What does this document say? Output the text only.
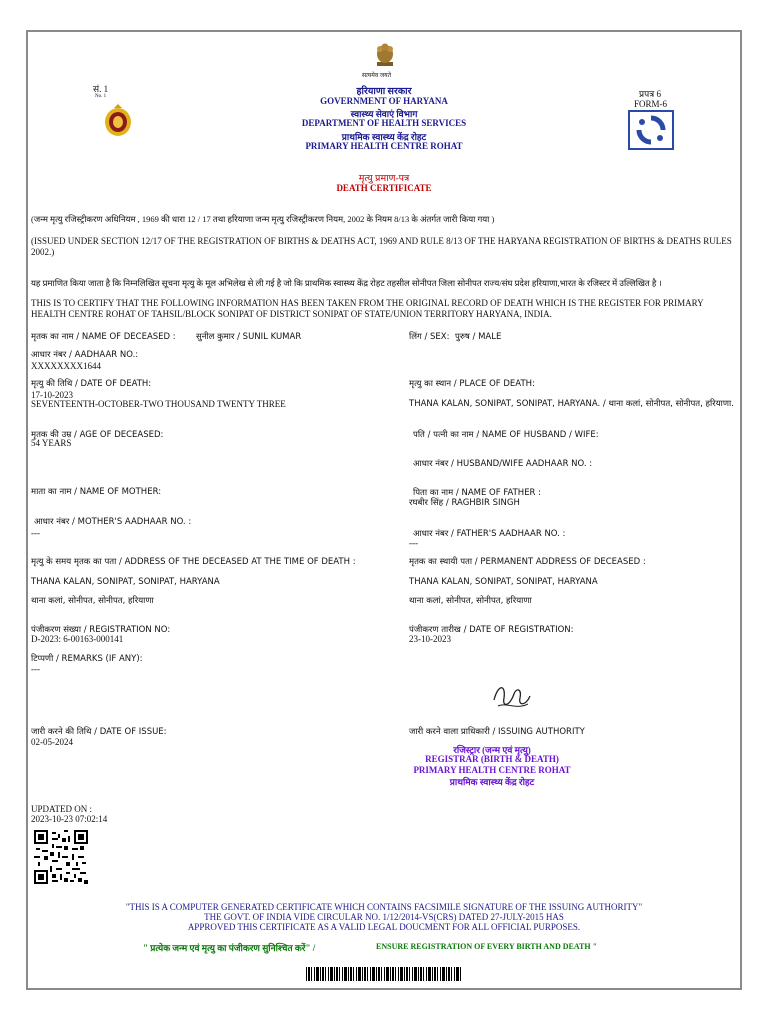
सत्यमेव जयते
सं. 1
No. 1	हरियाणा सरकार
GOVERNMENT OF HARYANA
स्वास्थ्य सेवाएं विभाग
DEPARTMENT OF HEALTH SERVICES
प्राथमिक स्वास्थ्य केंद्र रोहट
PRIMARY HEALTH CENTRE ROHAT
प्रपत्र 6
FORM-6
मृत्यु प्रमाण-पत्र
DEATH CERTIFICATE
(जन्म मृत्यु रजिस्ट्रीकरण अधिनियम , 1969 की धारा 12 / 17 तथा हरियाणा जन्म मृत्यु रजिस्ट्रीकरण नियम, 2002 के नियम 8/13 के अंतर्गत जारी किया गया )
(ISSUED UNDER SECTION 12/17 OF THE REGISTRATION OF BIRTHS & DEATHS ACT, 1969 AND RULE 8/13 OF THE HARYANA REGISTRATION OF BIRTHS & DEATHS RULES 2002.)
यह प्रमाणित किया जाता है कि निम्नलिखित सूचना मृत्यु के मूल अभिलेख से ली गई है जो कि प्राथमिक स्वास्थ्य केंद्र रोहट तहसील सोनीपत जिला सोनीपत राज्य/संघ प्रदेश हरियाणा,भारत के रजिस्टर में उल्लिखित है ।
THIS IS TO CERTIFY THAT THE FOLLOWING INFORMATION HAS BEEN TAKEN FROM THE ORIGINAL RECORD OF DEATH WHICH IS THE REGISTER FOR PRIMARY HEALTH CENTRE ROHAT OF TAHSIL/BLOCK SONIPAT OF DISTRICT SONIPAT OF STATE/UNION TERRITORY HARYANA, INDIA.
मृतक का नाम / NAME OF DECEASED : सुनील कुमार / SUNIL KUMAR	लिंग / SEX: पुरुष / MALE
आधार नंबर / AADHAAR NO.:
XXXXXXXX1644
मृत्यु की तिथि / DATE OF DEATH:
17-10-2023
SEVENTEENTH-OCTOBER-TWO THOUSAND TWENTY THREE
मृत्यु का स्थान / PLACE OF DEATH:
THANA KALAN, SONIPAT, SONIPAT, HARYANA. / थाना कलां, सोनीपत, सोनीपत, हरियाणा.
मृतक की उम्र / AGE OF DECEASED:
54 YEARS
पति / पत्नी का नाम / NAME OF HUSBAND / WIFE:
आधार नंबर / HUSBAND/WIFE AADHAAR NO. :
माता का नाम / NAME OF MOTHER:	पिता का नाम / NAME OF FATHER :
रघबीर सिंह / RAGHBIR SINGH
आधार नंबर / MOTHER'S AADHAAR NO. :
---	आधार नंबर / FATHER'S AADHAAR NO. :
---
मृत्यु के समय मृतक का पता / ADDRESS OF THE DECEASED AT THE TIME OF DEATH :
THANA KALAN, SONIPAT, SONIPAT, HARYANA
थाना कलां, सोनीपत, सोनीपत, हरियाणा
मृतक का स्थायी पता / PERMANENT ADDRESS OF DECEASED :
THANA KALAN, SONIPAT, SONIPAT, HARYANA
थाना कलां, सोनीपत, सोनीपत, हरियाणा
पंजीकरण संख्या / REGISTRATION NO:
D-2023: 6-00163-000141
पंजीकरण तारीख / DATE OF REGISTRATION:
23-10-2023
टिप्पणी / REMARKS (IF ANY):
---
जारी करने की तिथि / DATE OF ISSUE:
02-05-2024
जारी करने वाला प्राधिकारी / ISSUING AUTHORITY
रजिस्ट्रार (जन्म एवं मृत्यु)
REGISTRAR (BIRTH & DEATH)
PRIMARY HEALTH CENTRE ROHAT
प्राथमिक स्वास्थ्य केंद्र रोहट
UPDATED ON :
2023-10-23 07:02:14
"THIS IS A COMPUTER GENERATED CERTIFICATE WHICH CONTAINS FACSIMILE SIGNATURE OF THE ISSUING AUTHORITY"
THE GOVT. OF INDIA VIDE CIRCULAR NO. 1/12/2014-VS(CRS) DATED 27-JULY-2015 HAS
APPROVED THIS CERTIFICATE AS A VALID LEGAL DOUCMENT FOR ALL OFFICIAL PURPOSES.
" प्रत्येक जन्म एवं मृत्यु का पंजीकरण सुनिश्चित करें" /	ENSURE REGISTRATION OF EVERY BIRTH AND DEATH "
